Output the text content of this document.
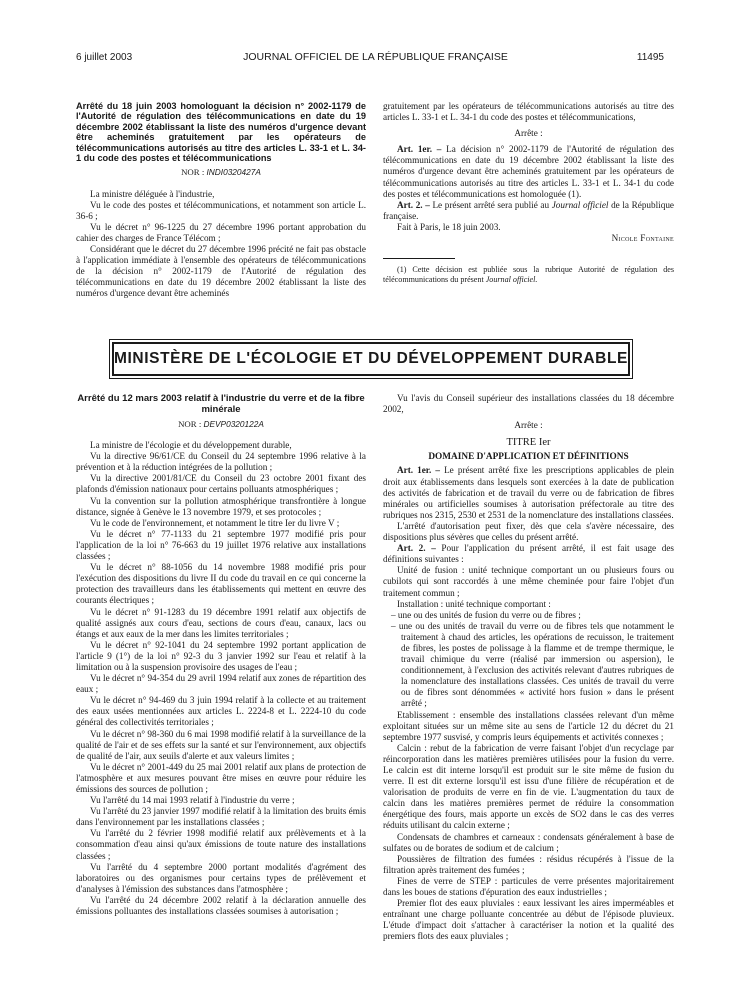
6 juillet 2003	JOURNAL OFFICIEL DE LA RÉPUBLIQUE FRANÇAISE	11495
Arrêté du 18 juin 2003 homologuant la décision n° 2002-1179 de l'Autorité de régulation des télécommunications en date du 19 décembre 2002 établissant la liste des numéros d'urgence devant être acheminés gratuitement par les opérateurs de télécommunications autorisés au titre des articles L. 33-1 et L. 34-1 du code des postes et télécommunications
NOR : INDI0320427A

La ministre déléguée à l'industrie,

Vu le code des postes et télécommunications, et notamment son article L. 36-6 ;

Vu le décret n° 96-1225 du 27 décembre 1996 portant approbation du cahier des charges de France Télécom ;

Considérant que le décret du 27 décembre 1996 précité ne fait pas obstacle à l'application immédiate à l'ensemble des opérateurs de télécommunications de la décision n° 2002-1179 de l'Autorité de régulation des télécommunications en date du 19 décembre 2002 établissant la liste des numéros d'urgence devant être acheminés

gratuitement par les opérateurs de télécommunications autorisés au titre des articles L. 33-1 et L. 34-1 du code des postes et télécommunications,

Arrête :

Art. 1er. – La décision n° 2002-1179 de l'Autorité de régulation des télécommunications en date du 19 décembre 2002 établissant la liste des numéros d'urgence devant être acheminés gratuitement par les opérateurs de télécommunications autorisés au titre des articles L. 33-1 et L. 34-1 du code des postes et télécommunications est homologuée (1).

Art. 2. – Le présent arrêté sera publié au Journal officiel de la République française.

Fait à Paris, le 18 juin 2003.

Nicole Fontaine

(1) Cette décision est publiée sous la rubrique Autorité de régulation des télécommunications du présent Journal officiel.

MINISTÈRE DE L'ÉCOLOGIE ET DU DÉVELOPPEMENT DURABLE
Arrêté du 12 mars 2003 relatif à l'industrie du verre et de la fibre minérale
NOR : DEVP0320122A

La ministre de l'écologie et du développement durable,

Vu la directive 96/61/CE du Conseil du 24 septembre 1996 relative à la prévention et à la réduction intégrées de la pollution ;

Vu la directive 2001/81/CE du Conseil du 23 octobre 2001 fixant des plafonds d'émission nationaux pour certains polluants atmosphériques ;

Vu la convention sur la pollution atmosphérique transfrontière à longue distance, signée à Genève le 13 novembre 1979, et ses protocoles ;

Vu le code de l'environnement, et notamment le titre Ier du livre V ;

Vu le décret n° 77-1133 du 21 septembre 1977 modifié pris pour l'application de la loi n° 76-663 du 19 juillet 1976 relative aux installations classées ;

Vu le décret n° 88-1056 du 14 novembre 1988 modifié pris pour l'exécution des dispositions du livre II du code du travail en ce qui concerne la protection des travailleurs dans les établissements qui mettent en œuvre des courants électriques ;

Vu le décret n° 91-1283 du 19 décembre 1991 relatif aux objectifs de qualité assignés aux cours d'eau, sections de cours d'eau, canaux, lacs ou étangs et aux eaux de la mer dans les limites territoriales ;

Vu le décret n° 92-1041 du 24 septembre 1992 portant application de l'article 9 (1°) de la loi n° 92-3 du 3 janvier 1992 sur l'eau et relatif à la limitation ou à la suspension provisoire des usages de l'eau ;

Vu le décret n° 94-354 du 29 avril 1994 relatif aux zones de répartition des eaux ;

Vu le décret n° 94-469 du 3 juin 1994 relatif à la collecte et au traitement des eaux usées mentionnées aux articles L. 2224-8 et L. 2224-10 du code général des collectivités territoriales ;

Vu le décret n° 98-360 du 6 mai 1998 modifié relatif à la surveillance de la qualité de l'air et de ses effets sur la santé et sur l'environnement, aux objectifs de qualité de l'air, aux seuils d'alerte et aux valeurs limites ;

Vu le décret n° 2001-449 du 25 mai 2001 relatif aux plans de protection de l'atmosphère et aux mesures pouvant être mises en œuvre pour réduire les émissions des sources de pollution ;

Vu l'arrêté du 14 mai 1993 relatif à l'industrie du verre ;

Vu l'arrêté du 23 janvier 1997 modifié relatif à la limitation des bruits émis dans l'environnement par les installations classées ;

Vu l'arrêté du 2 février 1998 modifié relatif aux prélèvements et à la consommation d'eau ainsi qu'aux émissions de toute nature des installations classées ;

Vu l'arrêté du 4 septembre 2000 portant modalités d'agrément des laboratoires ou des organismes pour certains types de prélèvement et d'analyses à l'émission des substances dans l'atmosphère ;

Vu l'arrêté du 24 décembre 2002 relatif à la déclaration annuelle des émissions polluantes des installations classées soumises à autorisation ;

Vu l'avis du Conseil supérieur des installations classées du 18 décembre 2002,

Arrête :

TITRE Ier
DOMAINE D'APPLICATION ET DÉFINITIONS

Art. 1er. – Le présent arrêté fixe les prescriptions applicables de plein droit aux établissements dans lesquels sont exercées à la date de publication des activités de fabrication et de travail du verre ou de fabrication de fibres minérales ou artificielles soumises à autorisation préfectorale au titre des rubriques nos 2315, 2530 et 2531 de la nomenclature des installations classées.

L'arrêté d'autorisation peut fixer, dès que cela s'avère nécessaire, des dispositions plus sévères que celles du présent arrêté.

Art. 2. – Pour l'application du présent arrêté, il est fait usage des définitions suivantes :

Unité de fusion : unité technique comportant un ou plusieurs fours ou cubilots qui sont raccordés à une même cheminée pour faire l'objet d'un traitement commun ;

Installation : unité technique comportant :

– une ou des unités de fusion du verre ou de fibres ;

– une ou des unités de travail du verre ou de fibres tels que notamment le traitement à chaud des articles, les opérations de recuisson, le traitement de fibres, les postes de polissage à la flamme et de trempe thermique, le travail chimique du verre (réalisé par immersion ou aspersion), le conditionnement, à l'exclusion des activités relevant d'autres rubriques de la nomenclature des installations classées. Ces unités de travail du verre ou de fibres sont dénommées « activité hors fusion » dans le présent arrêté ;

Etablissement : ensemble des installations classées relevant d'un même exploitant situées sur un même site au sens de l'article 12 du décret du 21 septembre 1977 susvisé, y compris leurs équipements et activités connexes ;

Calcin : rebut de la fabrication de verre faisant l'objet d'un recyclage par réincorporation dans les matières premières utilisées pour la fusion du verre. Le calcin est dit interne lorsqu'il est produit sur le site même de fusion du verre. Il est dit externe lorsqu'il est issu d'une filière de récupération et de valorisation de produits de verre en fin de vie. L'augmentation du taux de calcin dans les matières premières permet de réduire la consommation énergétique des fours, mais apporte un excès de SO2 dans le cas des verres réduits utilisant du calcin externe ;

Condensats de chambres et carneaux : condensats généralement à base de sulfates ou de borates de sodium et de calcium ;

Poussières de filtration des fumées : résidus récupérés à l'issue de la filtration après traitement des fumées ;

Fines de verre de STEP : particules de verre présentes majoritairement dans les boues de stations d'épuration des eaux industrielles ;

Premier flot des eaux pluviales : eaux lessivant les aires imperméables et entraînant une charge polluante concentrée au début de l'épisode pluvieux. L'étude d'impact doit s'attacher à caractériser la notion et la qualité des premiers flots des eaux pluviales ;
